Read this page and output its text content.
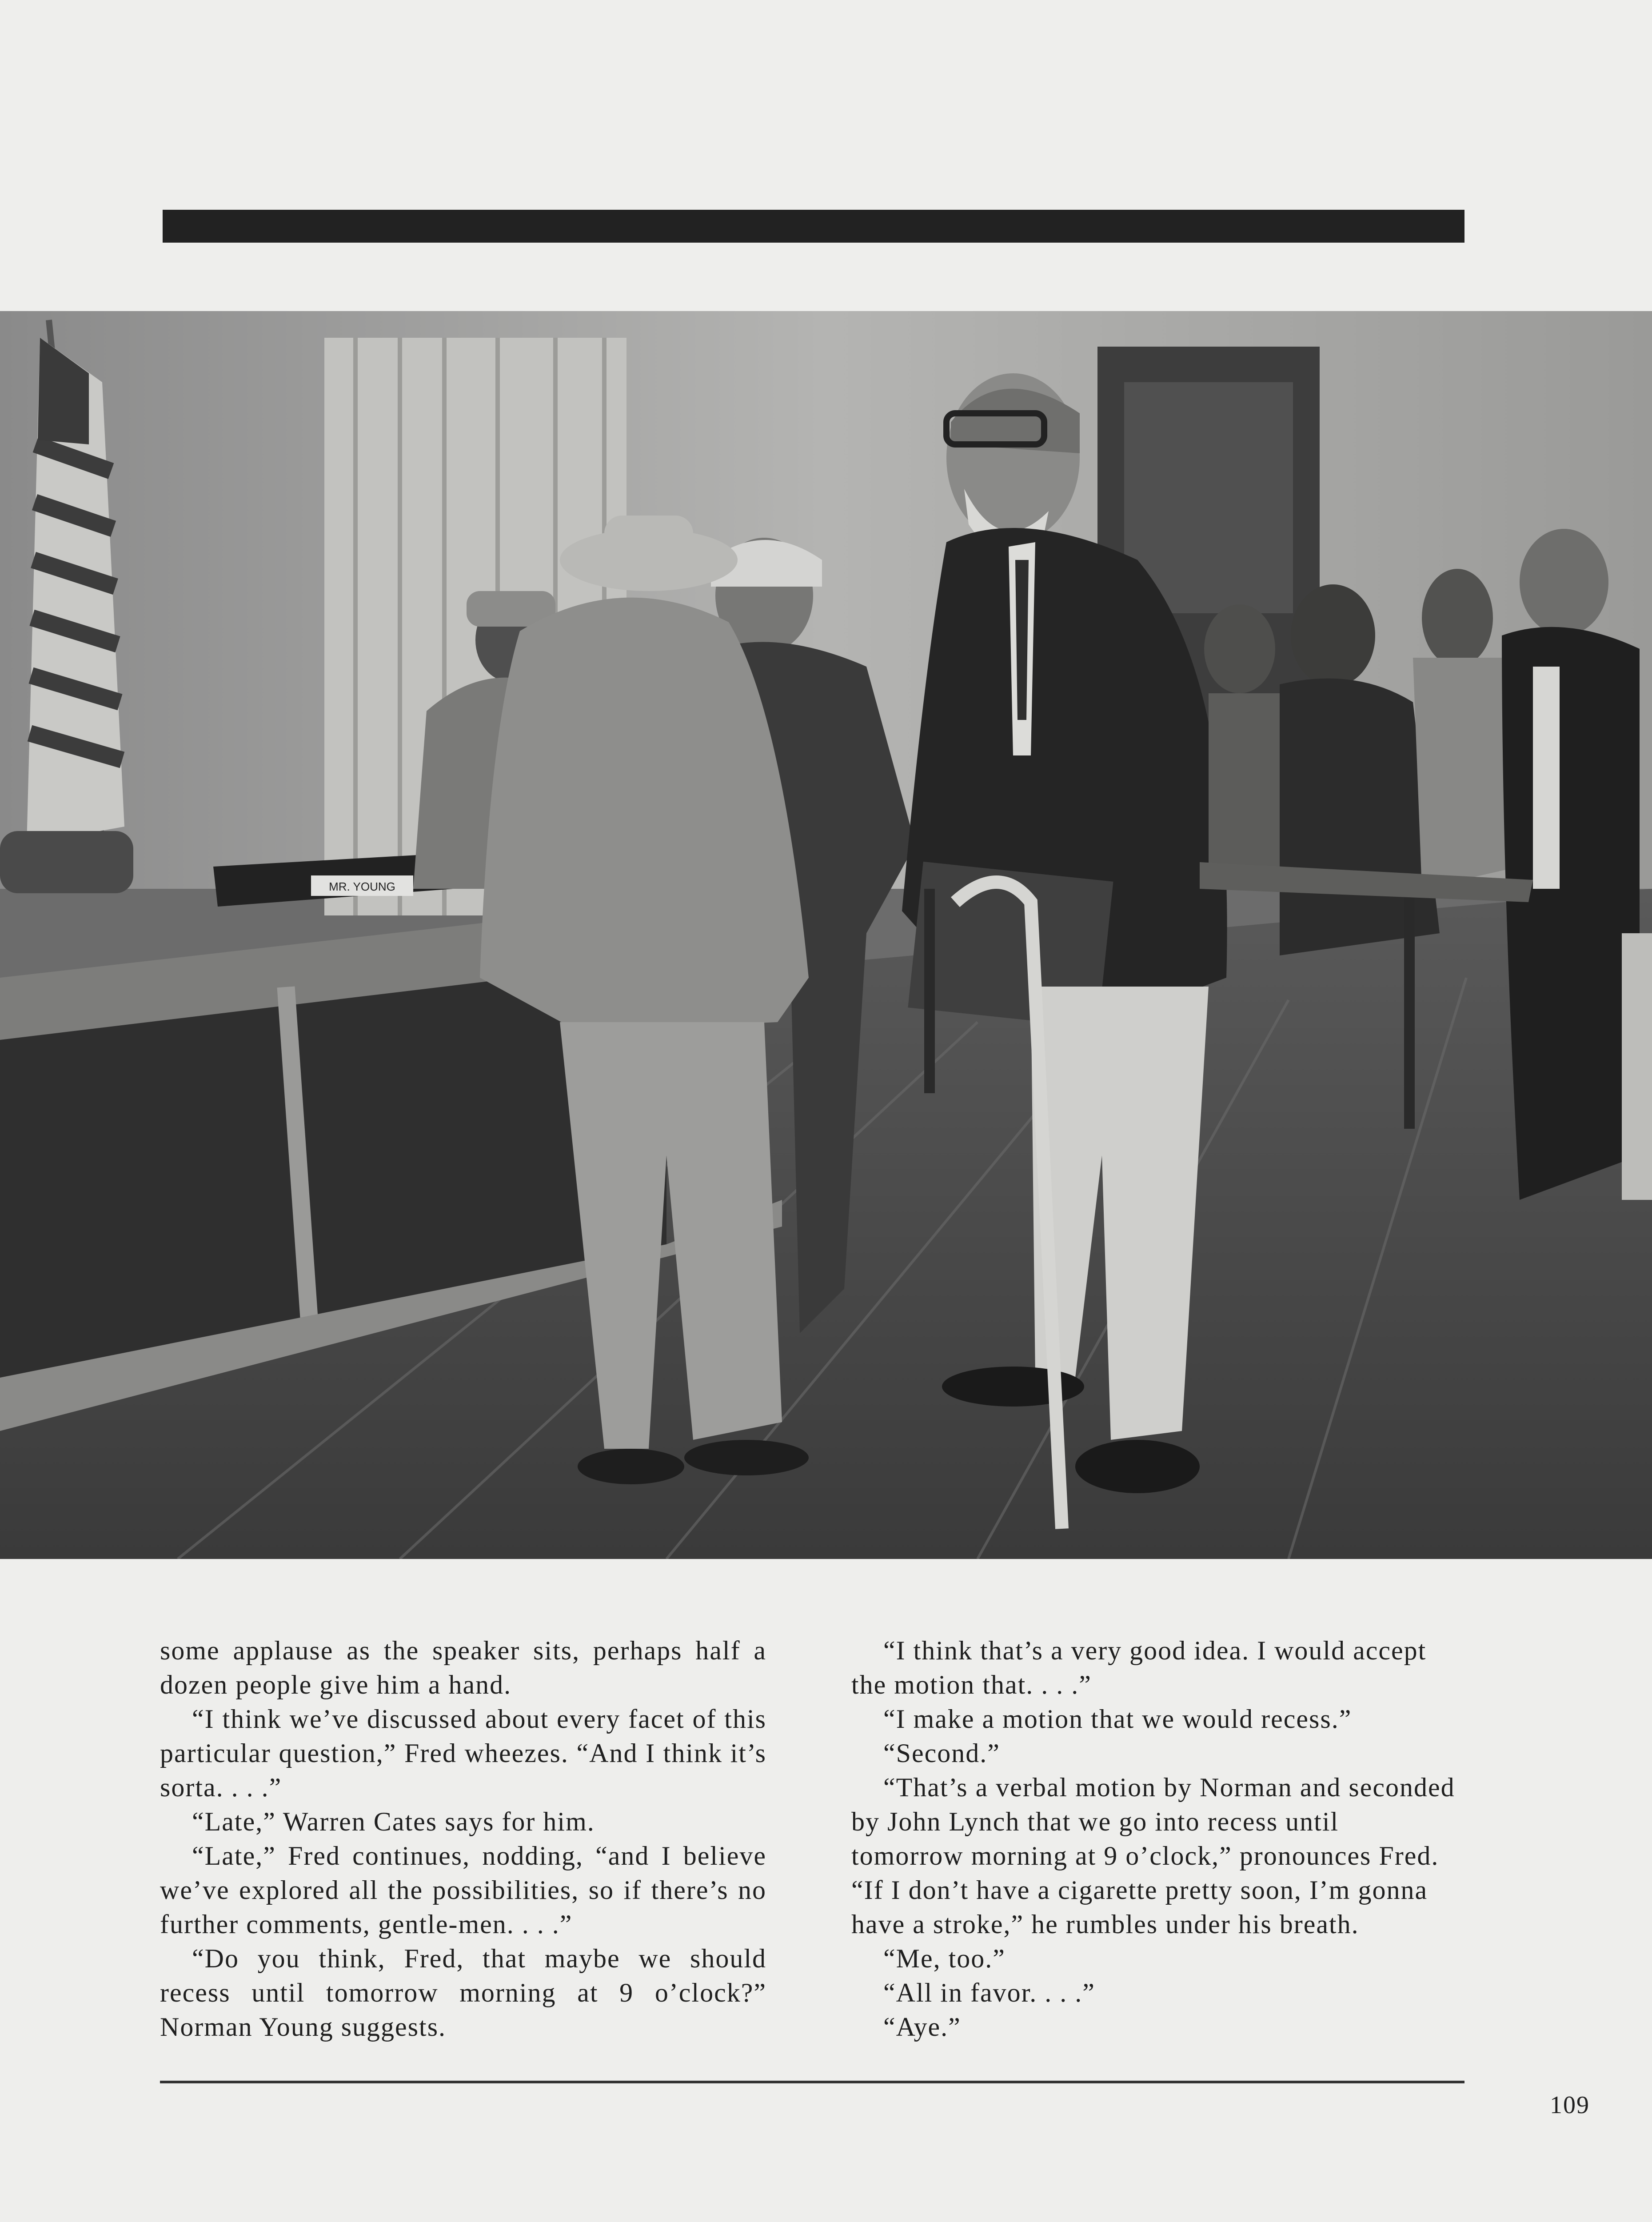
MR. YOUNG

some applause as the speaker sits, perhaps half a dozen people give him a hand.

“I think we’ve discussed about every facet of this particular question,” Fred wheezes. “And I think it’s sorta. . . .”

“Late,” Warren Cates says for him.

“Late,” Fred continues, nodding, “and I believe we’ve explored all the possibilities, so if there’s no further comments, gentle-men. . . .”

“Do you think, Fred, that maybe we should recess until tomorrow morning at 9 o’clock?” Norman Young suggests.

“I think that’s a very good idea. I would accept the motion that. . . .”

“I make a motion that we would recess.”

“Second.”

“That’s a verbal motion by Norman and seconded by John Lynch that we go into recess until tomorrow morning at 9 o’clock,” pronounces Fred. “If I don’t have a cigarette pretty soon, I’m gonna have a stroke,” he rumbles under his breath.

“Me, too.”

“All in favor. . . .”

“Aye.”

109
